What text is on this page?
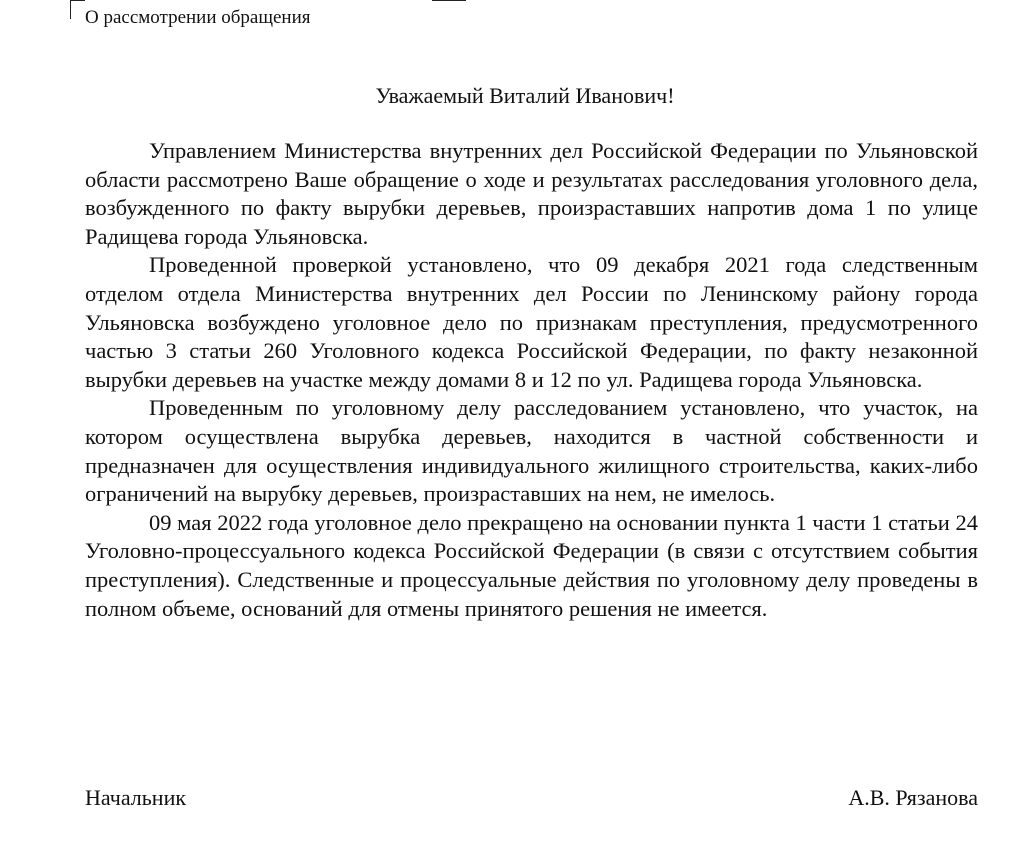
О рассмотрении обращения
Уважаемый Виталий Иванович!

Управлением Министерства внутренних дел Российской Федерации по Ульяновской области рассмотрено Ваше обращение о ходе и результатах расследования уголовного дела, возбужденного по факту вырубки деревьев, произраставших напротив дома 1 по улице Радищева города Ульяновска.

Проведенной проверкой установлено, что 09 декабря 2021 года следственным отделом отдела Министерства внутренних дел России по Ленинскому району города Ульяновска возбуждено уголовное дело по признакам преступления, предусмотренного частью 3 статьи 260 Уголовного кодекса Российской Федерации, по факту незаконной вырубки деревьев на участке между домами 8 и 12 по ул. Радищева города Ульяновска.

Проведенным по уголовному делу расследованием установлено, что участок, на котором осуществлена вырубка деревьев, находится в частной собственности и предназначен для осуществления индивидуального жилищного строительства, каких-либо ограничений на вырубку деревьев, произраставших на нем, не имелось.

09 мая 2022 года уголовное дело прекращено на основании пункта 1 части 1 статьи 24 Уголовно-процессуального кодекса Российской Федерации (в связи с отсутствием события преступления). Следственные и процессуальные действия по уголовному делу проведены в полном объеме, оснований для отмены принятого решения не имеется.

Начальник	А.В. Рязанова
